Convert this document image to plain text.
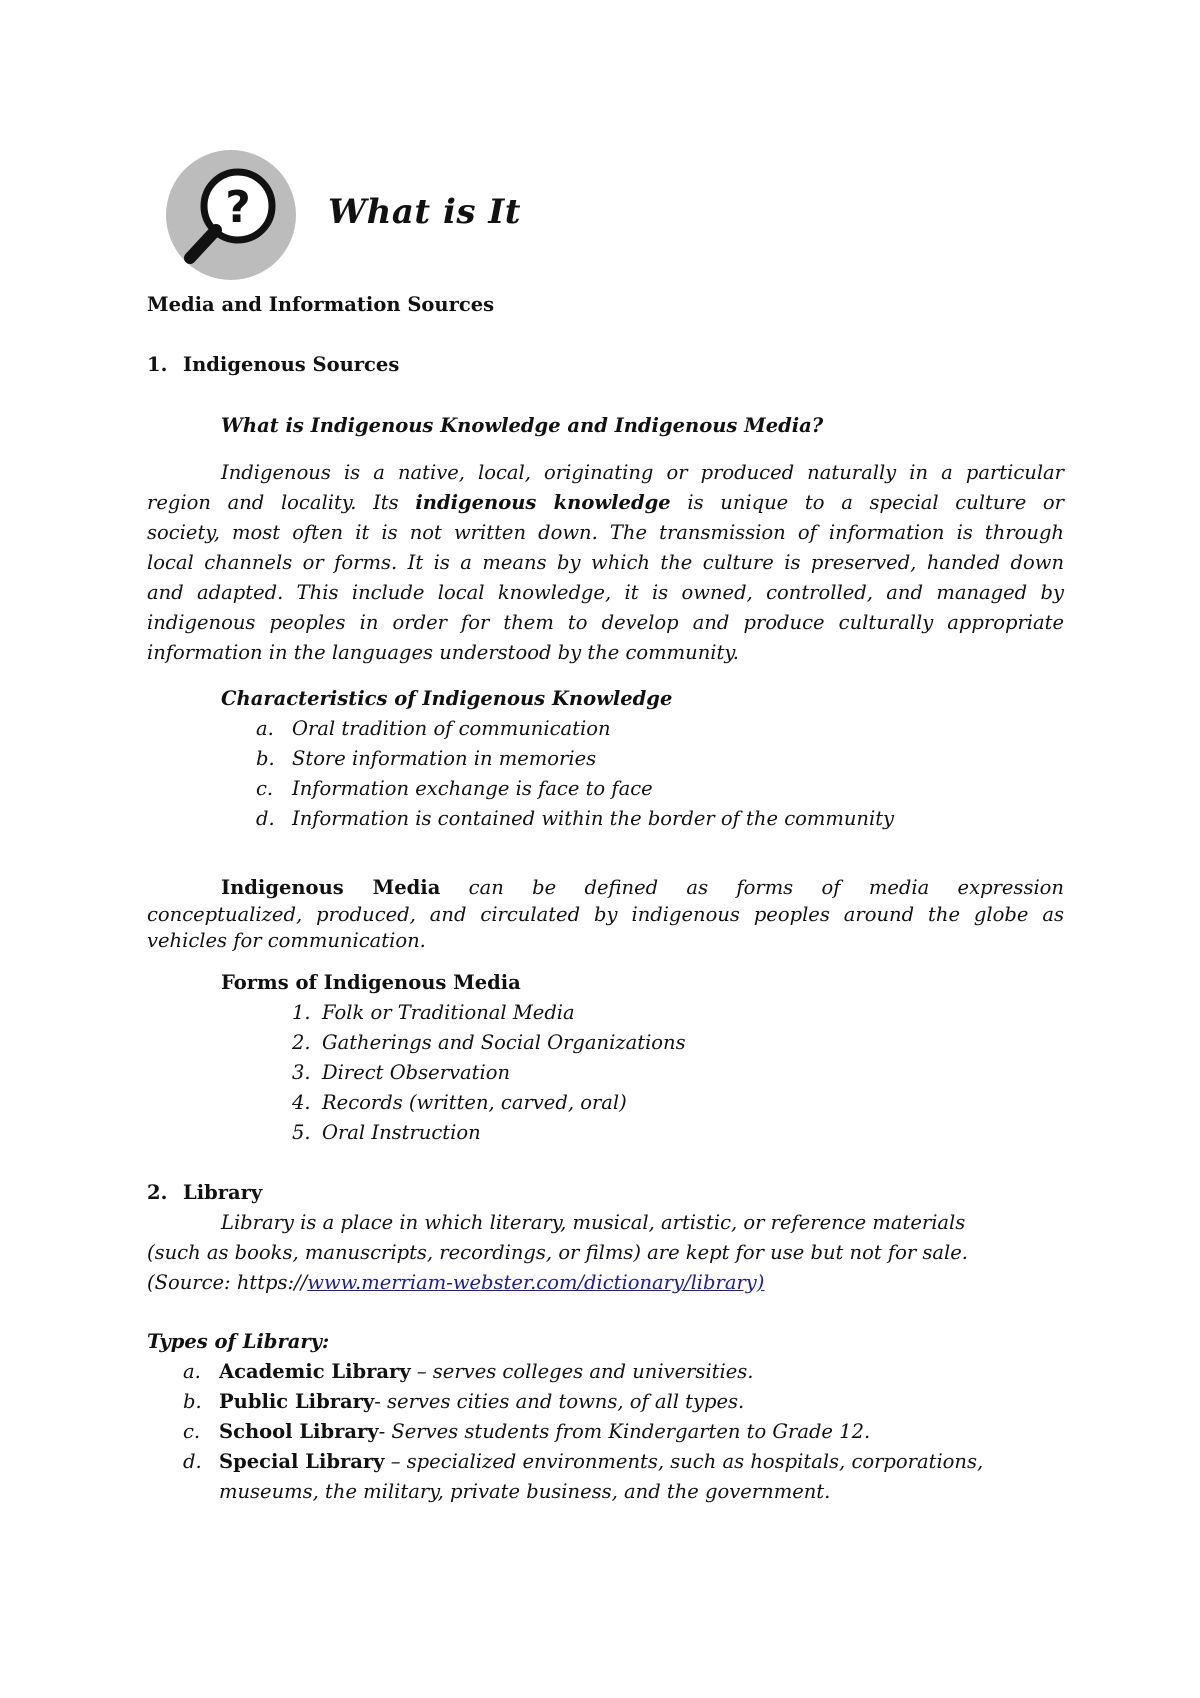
? What is It
Media and Information Sources
1. Indigenous Sources
What is Indigenous Knowledge and Indigenous Media?
Indigenous is a native, local, originating or produced naturally in a particular
region and locality. Its indigenous knowledge is unique to a special culture or
society, most often it is not written down. The transmission of information is through
local channels or forms. It is a means by which the culture is preserved, handed down
and adapted. This include local knowledge, it is owned, controlled, and managed by
indigenous peoples in order for them to develop and produce culturally appropriate
information in the languages understood by the community.
Characteristics of Indigenous Knowledge
a. Oral tradition of communication
b. Store information in memories
c. Information exchange is face to face
d. Information is contained within the border of the community
Indigenous Media can be defined as forms of media expression
conceptualized, produced, and circulated by indigenous peoples around the globe as
vehicles for communication.
Forms of Indigenous Media
1. Folk or Traditional Media
2. Gatherings and Social Organizations
3. Direct Observation
4. Records (written, carved, oral)
5. Oral Instruction
2. Library
Library is a place in which literary, musical, artistic, or reference materials
(such as books, manuscripts, recordings, or films) are kept for use but not for sale.
(Source: https://www.merriam-webster.com/dictionary/library)
Types of Library:
a. Academic Library – serves colleges and universities.
b. Public Library- serves cities and towns, of all types.
c. School Library- Serves students from Kindergarten to Grade 12.
d. Special Library – specialized environments, such as hospitals, corporations,
museums, the military, private business, and the government.
